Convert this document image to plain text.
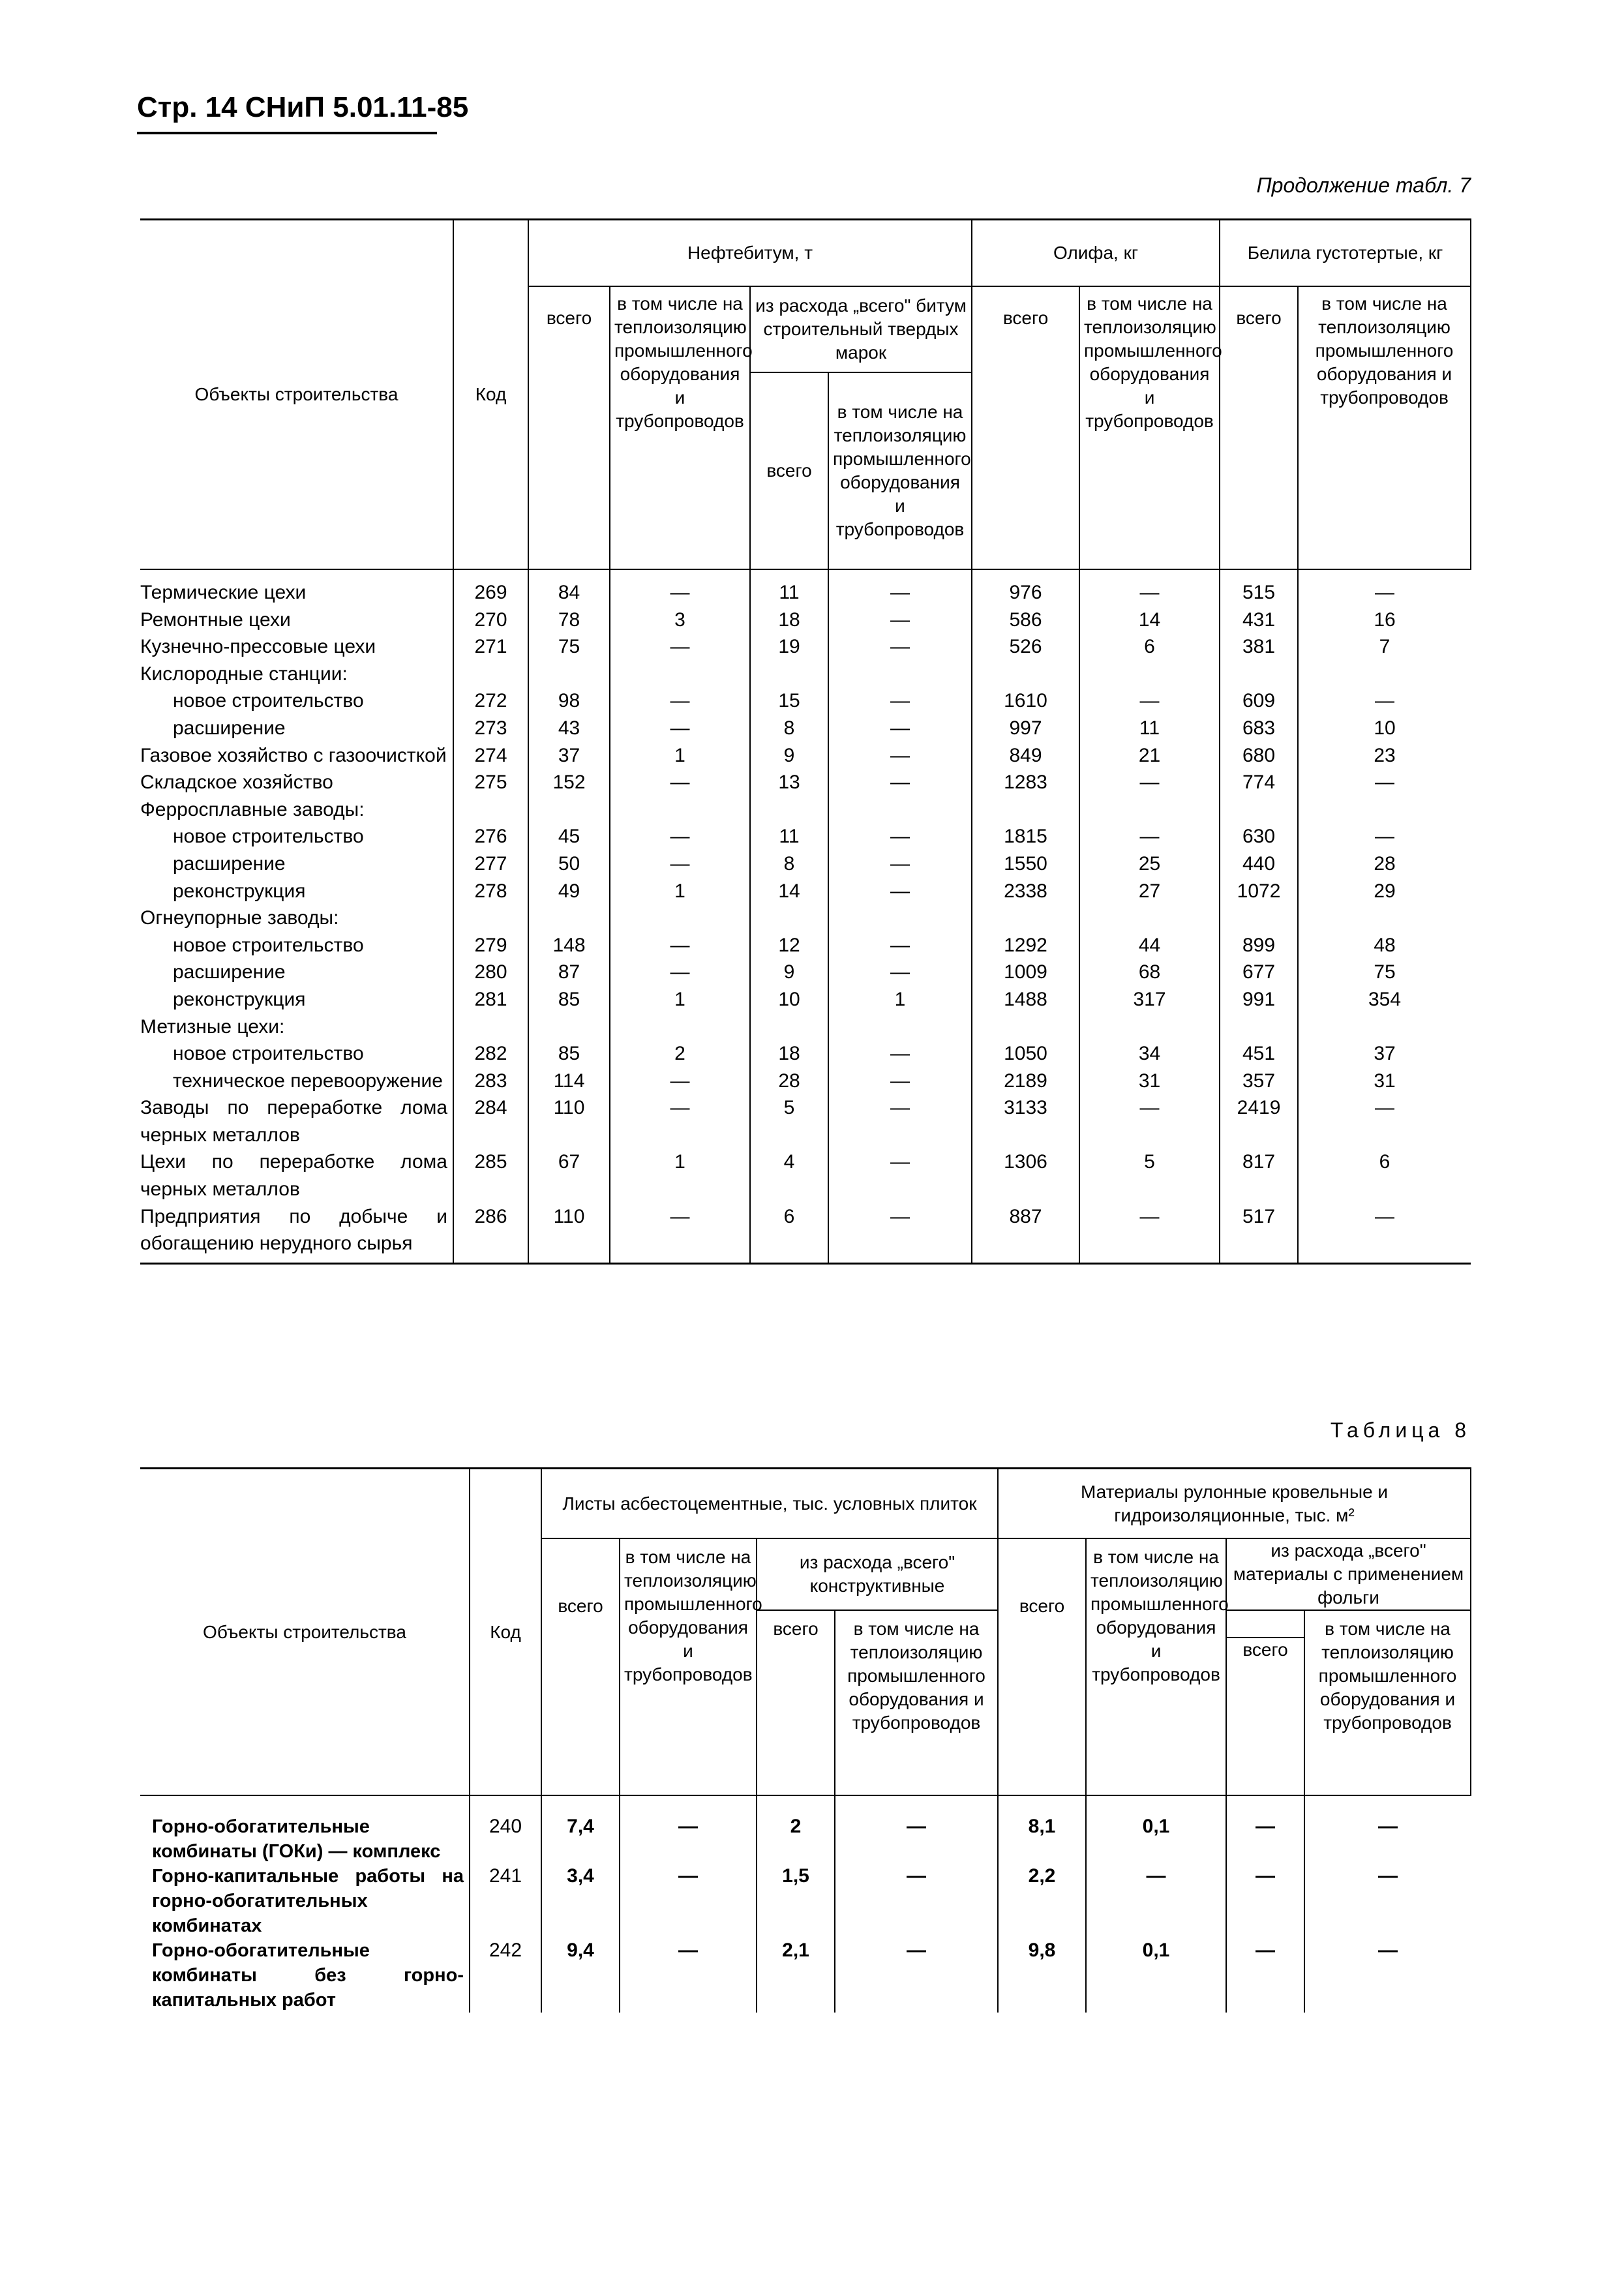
Стр. 14 СНиП 5.01.11-85
Продолжение табл. 7
Объекты строительства	Код	Нефтебитум, т				Олифа, кг		Белила густотертые, кг	
		всего	в том числе на теплоизоляцию промышленного оборудования и трубопроводов	из расхода „всего" битум строительный твердых марок		всего	в том числе на теплоизоляцию промышленного оборудования и трубопроводов	всего	в том числе на теплоизоляцию промышленного оборудования и трубопроводов
				всего	в том числе на теплоизоляцию промышленного оборудования и трубопроводов				
Термические цехи	269	84	—	11	—	976	—	515	—
Ремонтные цехи	270	78	3	18	—	586	14	431	16
Кузнечно-прессовые цехи	271	75	—	19	—	526	6	381	7
Кислородные станции:									
новое строительство	272	98	—	15	—	1610	—	609	—
расширение	273	43	—	8	—	997	11	683	10
Газовое хозяйство с газоочисткой	274	37	1	9	—	849	21	680	23
Складское хозяйство	275	152	—	13	—	1283	—	774	—
Ферросплавные заводы:									
новое строительство	276	45	—	11	—	1815	—	630	—
расширение	277	50	—	8	—	1550	25	440	28
реконструкция	278	49	1	14	—	2338	27	1072	29
Огнеупорные заводы:									
новое строительство	279	148	—	12	—	1292	44	899	48
расширение	280	87	—	9	—	1009	68	677	75
реконструкция	281	85	1	10	1	1488	317	991	354
Метизные цехи:									
новое строительство	282	85	2	18	—	1050	34	451	37
техническое перевооружение	283	114	—	28	—	2189	31	357	31
Заводы по переработке лома черных металлов	284	110	—	5	—	3133	—	2419	—
Цехи по переработке лома черных металлов	285	67	1	4	—	1306	5	817	6
Предприятия по добыче и обогащению нерудного сырья	286	110	—	6	—	887	—	517	—
Таблица 8
Объекты строительства	Код	Листы асбестоцементные, тыс. условных плиток				Материалы рулонные кровельные и гидроизоляционные, тыс. м²			
		всего	в том числе на теплоизоляцию промышленного оборудования и трубопроводов	из расхода „всего" конструктивные		всего	в том числе на теплоизоляцию промышленного оборудования и трубопроводов	из расхода „всего" материалы с применением фольги	
				всего	в том числе на теплоизоляцию промышленного оборудования и трубопроводов				в том числе на теплоизоляцию промышленного оборудования и трубопроводов
								всего	
Горно-обогатительные комбинаты (ГОКи) — комплекс	240	7,4	—	2	—	8,1	0,1	—	—
Горно-капитальные работы на горно-обогатительных комбинатах	241	3,4	—	1,5	—	2,2	—	—	—
Горно-обогатительные комбинаты без горно-капитальных работ	242	9,4	—	2,1	—	9,8	0,1	—	—
